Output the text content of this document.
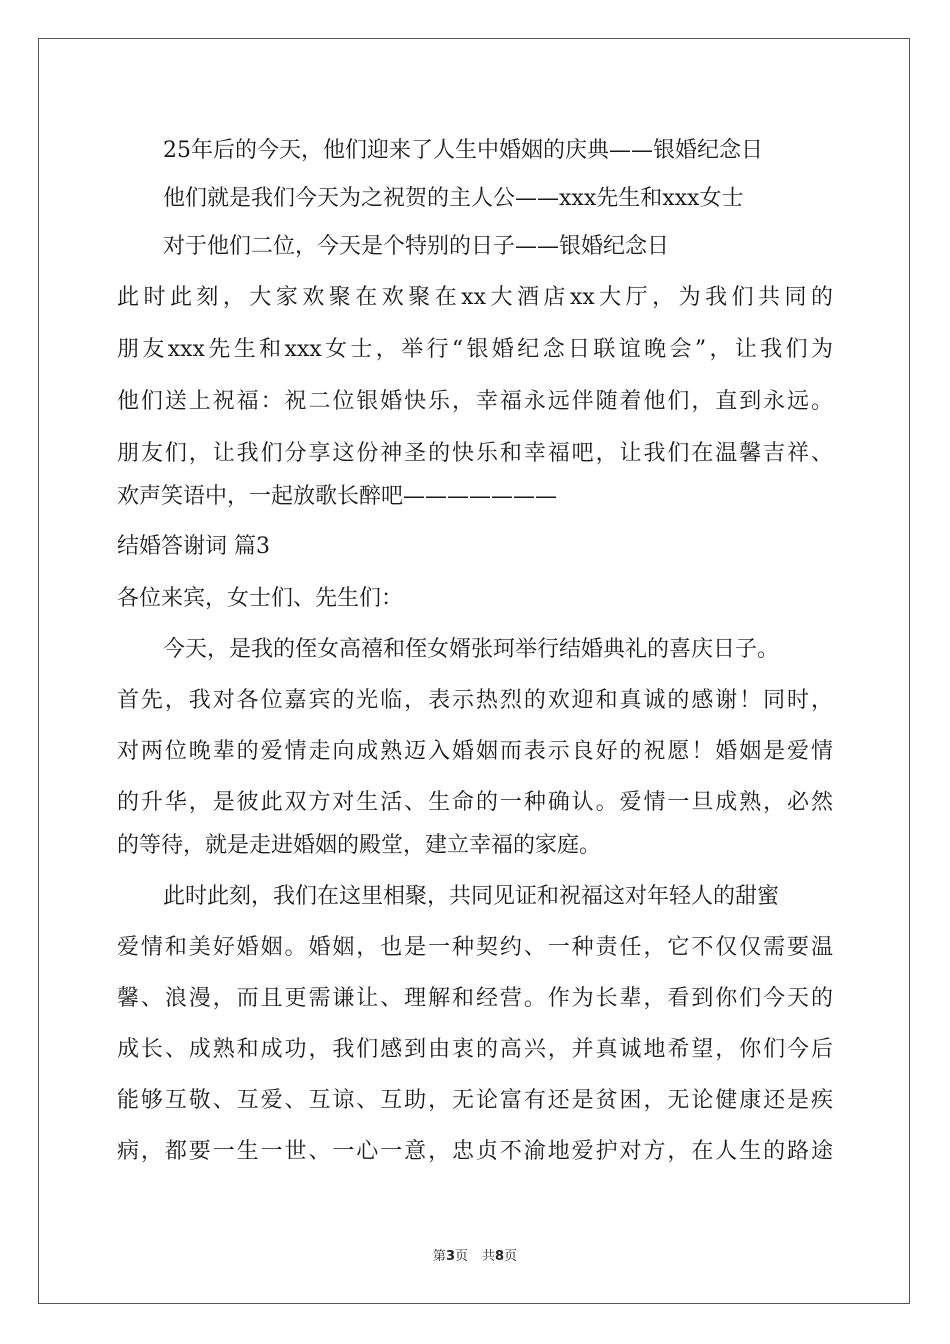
25年后的今天，他们迎来了人生中婚姻的庆典——银婚纪念日
他们就是我们今天为之祝贺的主人公——xxx先生和xxx女士
对于他们二位，今天是个特别的日子——银婚纪念日
此时此刻，大家欢聚在欢聚在xx大酒店xx大厅，为我们共同的
朋友xxx先生和xxx女士，举行“银婚纪念日联谊晚会”，让我们为
他们送上祝福：祝二位银婚快乐，幸福永远伴随着他们，直到永远。
朋友们，让我们分享这份神圣的快乐和幸福吧，让我们在温馨吉祥、
欢声笑语中，一起放歌长醉吧———————
结婚答谢词 篇3
各位来宾，女士们、先生们：
今天，是我的侄女高禧和侄女婿张珂举行结婚典礼的喜庆日子。
首先，我对各位嘉宾的光临，表示热烈的欢迎和真诚的感谢！同时，
对两位晚辈的爱情走向成熟迈入婚姻而表示良好的祝愿！婚姻是爱情
的升华，是彼此双方对生活、生命的一种确认。爱情一旦成熟，必然
的等待，就是走进婚姻的殿堂，建立幸福的家庭。
此时此刻，我们在这里相聚，共同见证和祝福这对年轻人的甜蜜
爱情和美好婚姻。婚姻，也是一种契约、一种责任，它不仅仅需要温
馨、浪漫，而且更需谦让、理解和经营。作为长辈，看到你们今天的
成长、成熟和成功，我们感到由衷的高兴，并真诚地希望，你们今后
能够互敬、互爱、互谅、互助，无论富有还是贫困，无论健康还是疾
病，都要一生一世、一心一意，忠贞不渝地爱护对方，在人生的路途
第3页 共8页
